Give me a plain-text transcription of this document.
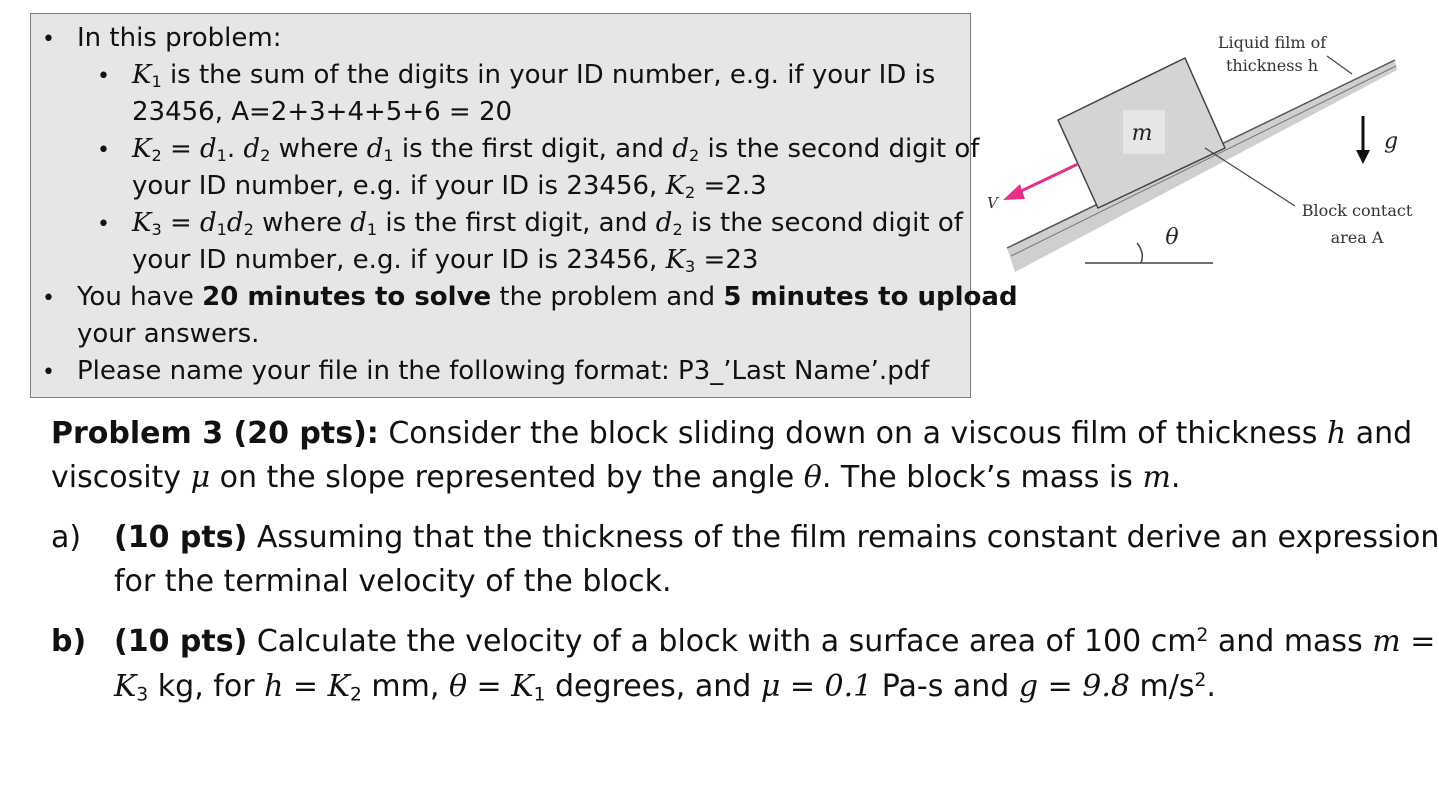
• In this problem:
• $K_1$ is the sum of the digits in your ID number, e.g. if your ID is
23456, A=2+3+4+5+6 = 20
• $K_2 = d_1$. $d_2$ where $d_1$ is the first digit, and $d_2$ is the second digit of
your ID number, e.g. if your ID is 23456, $K_2 =2.3$
• $K_3 = d_1d_2$ where $d_1$ is the first digit, and $d_2$ is the second digit of
your ID number, e.g. if your ID is 23456, $K_3 =23$
• You have 20 minutes to solve the problem and 5 minutes to upload
your answers.
• Please name your file in the following format: P3_’Last Name’.pdf
m
V
θ
g
Liquid film of
thickness h
Block contact
area A
Problem 3 (20 pts): Consider the block sliding down on a viscous film of thickness h and
viscosity μ on the slope represented by the angle θ. The block’s mass is m.
a) (10 pts) Assuming that the thickness of the film remains constant derive an expression
for the terminal velocity of the block.
b) (10 pts) Calculate the velocity of a block with a surface area of 100 $cm^2$ and mass m =
$K_3$ kg, for $h = K_2$ mm, $\theta = K_1$ degrees, and μ = 0.1 Pa-s and g = 9.8 $m/s^2$.
